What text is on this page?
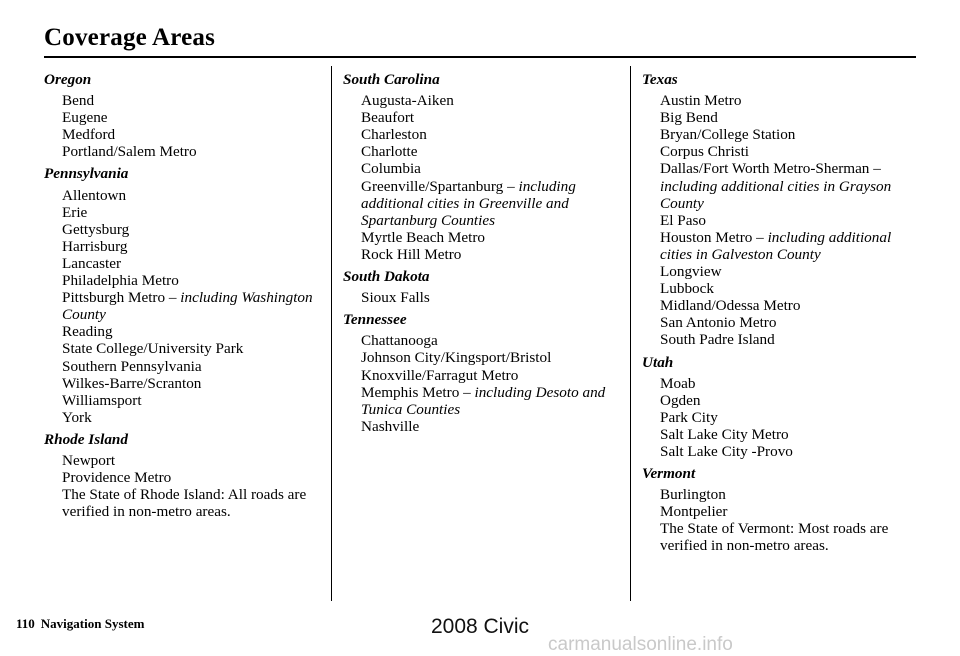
Coverage Areas
Oregon
Bend
Eugene
Medford
Portland/Salem Metro
Pennsylvania
Allentown
Erie
Gettysburg
Harrisburg
Lancaster
Philadelphia Metro
Pittsburgh Metro – including Washington County
Reading
State College/University Park
Southern Pennsylvania
Wilkes-Barre/Scranton
Williamsport
York
Rhode Island
Newport
Providence Metro
The State of Rhode Island: All roads are verified in non-metro areas.
South Carolina
Augusta-Aiken
Beaufort
Charleston
Charlotte
Columbia
Greenville/Spartanburg – including additional cities in Greenville and Spartanburg Counties
Myrtle Beach Metro
Rock Hill Metro
South Dakota
Sioux Falls
Tennessee
Chattanooga
Johnson City/Kingsport/Bristol
Knoxville/Farragut Metro
Memphis Metro – including Desoto and Tunica Counties
Nashville
Texas
Austin Metro
Big Bend
Bryan/College Station
Corpus Christi
Dallas/Fort Worth Metro-Sherman – including additional cities in Grayson County
El Paso
Houston Metro – including additional cities in Galveston County
Longview
Lubbock
Midland/Odessa Metro
San Antonio Metro
South Padre Island
Utah
Moab
Ogden
Park City
Salt Lake City Metro
Salt Lake City -Provo
Vermont
Burlington
Montpelier
The State of Vermont: Most roads are verified in non-metro areas.
110 Navigation System	2008 Civic
carmanualsonline.info
